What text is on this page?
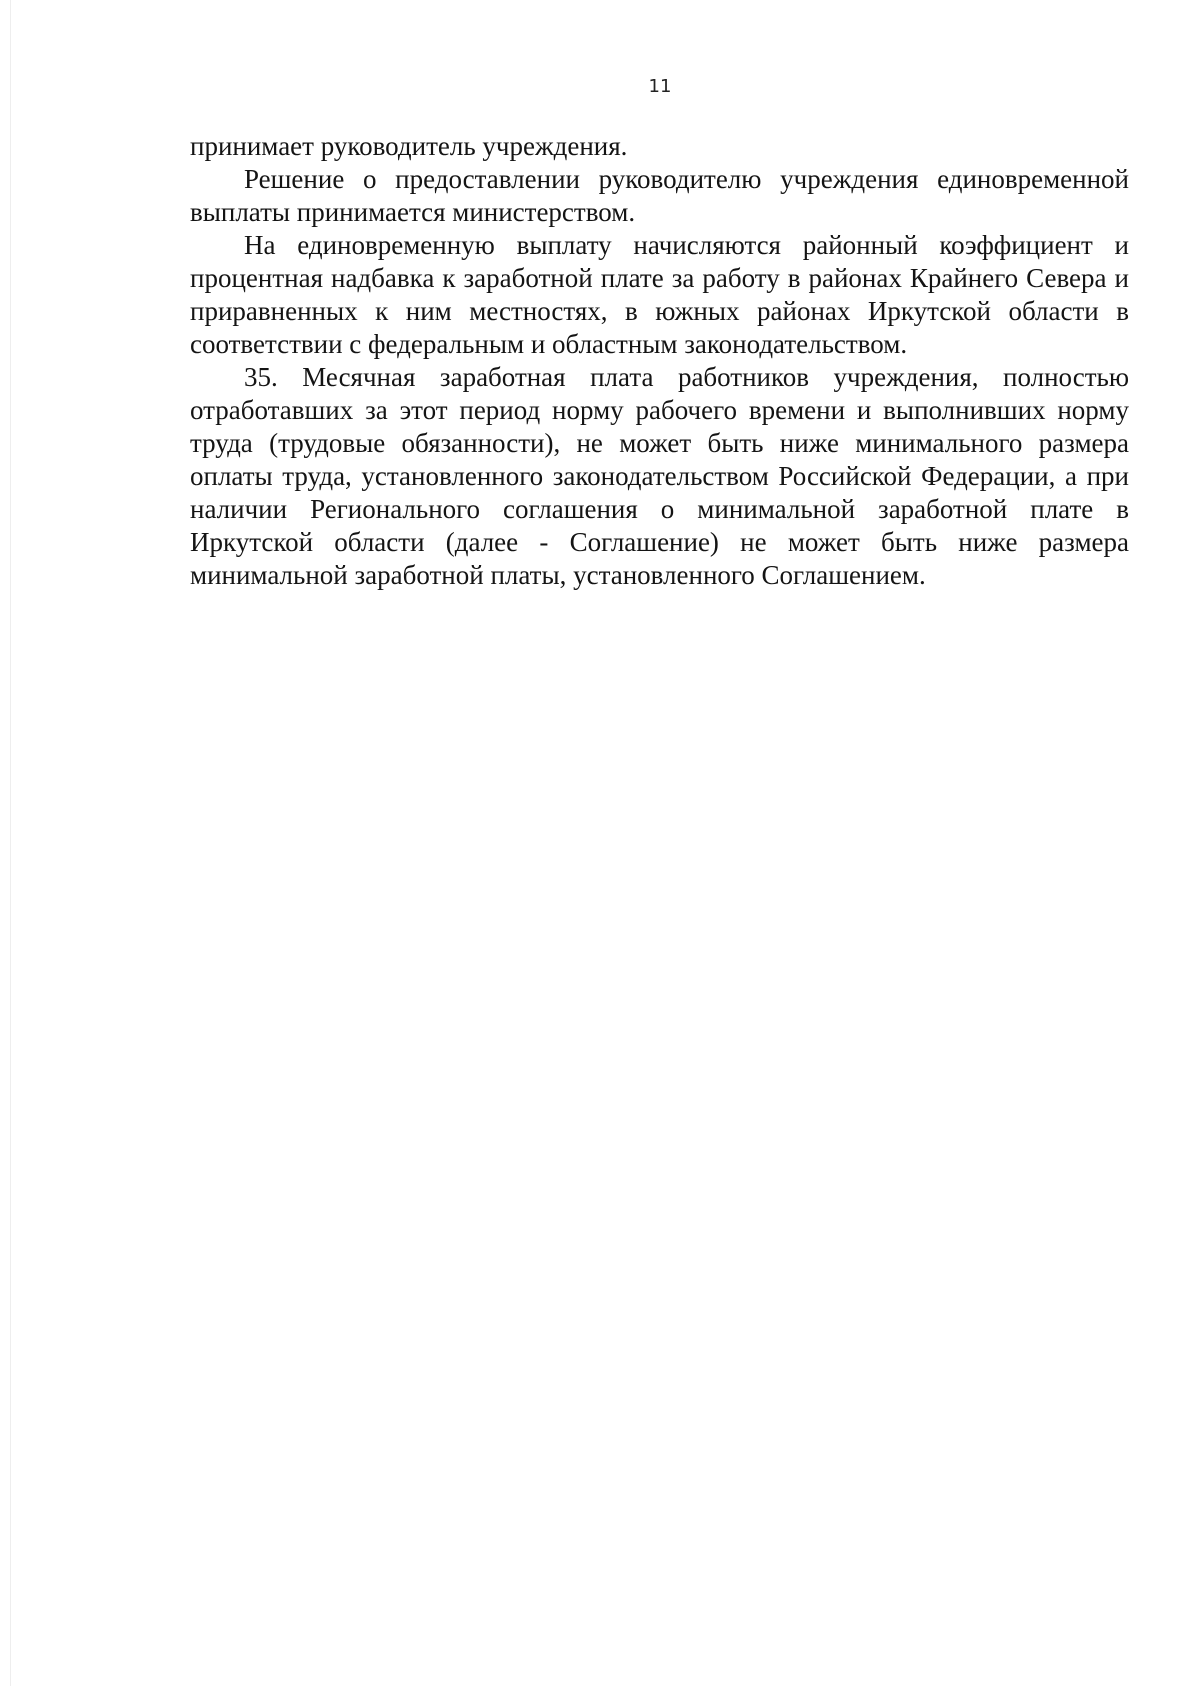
11

принимает руководитель учреждения.

Решение о предоставлении руководителю учреждения единовременной выплаты принимается министерством.

На единовременную выплату начисляются районный коэффициент и процентная надбавка к заработной плате за работу в районах Крайнего Севера и приравненных к ним местностях, в южных районах Иркутской области в соответствии с федеральным и областным законодательством.

35. Месячная заработная плата работников учреждения, полностью отработавших за этот период норму рабочего времени и выполнивших норму труда (трудовые обязанности), не может быть ниже минимального размера оплаты труда, установленного законодательством Российской Федерации, а при наличии Регионального соглашения о минимальной заработной плате в Иркутской области (далее - Соглашение) не может быть ниже размера минимальной заработной платы, установленного Соглашением.
